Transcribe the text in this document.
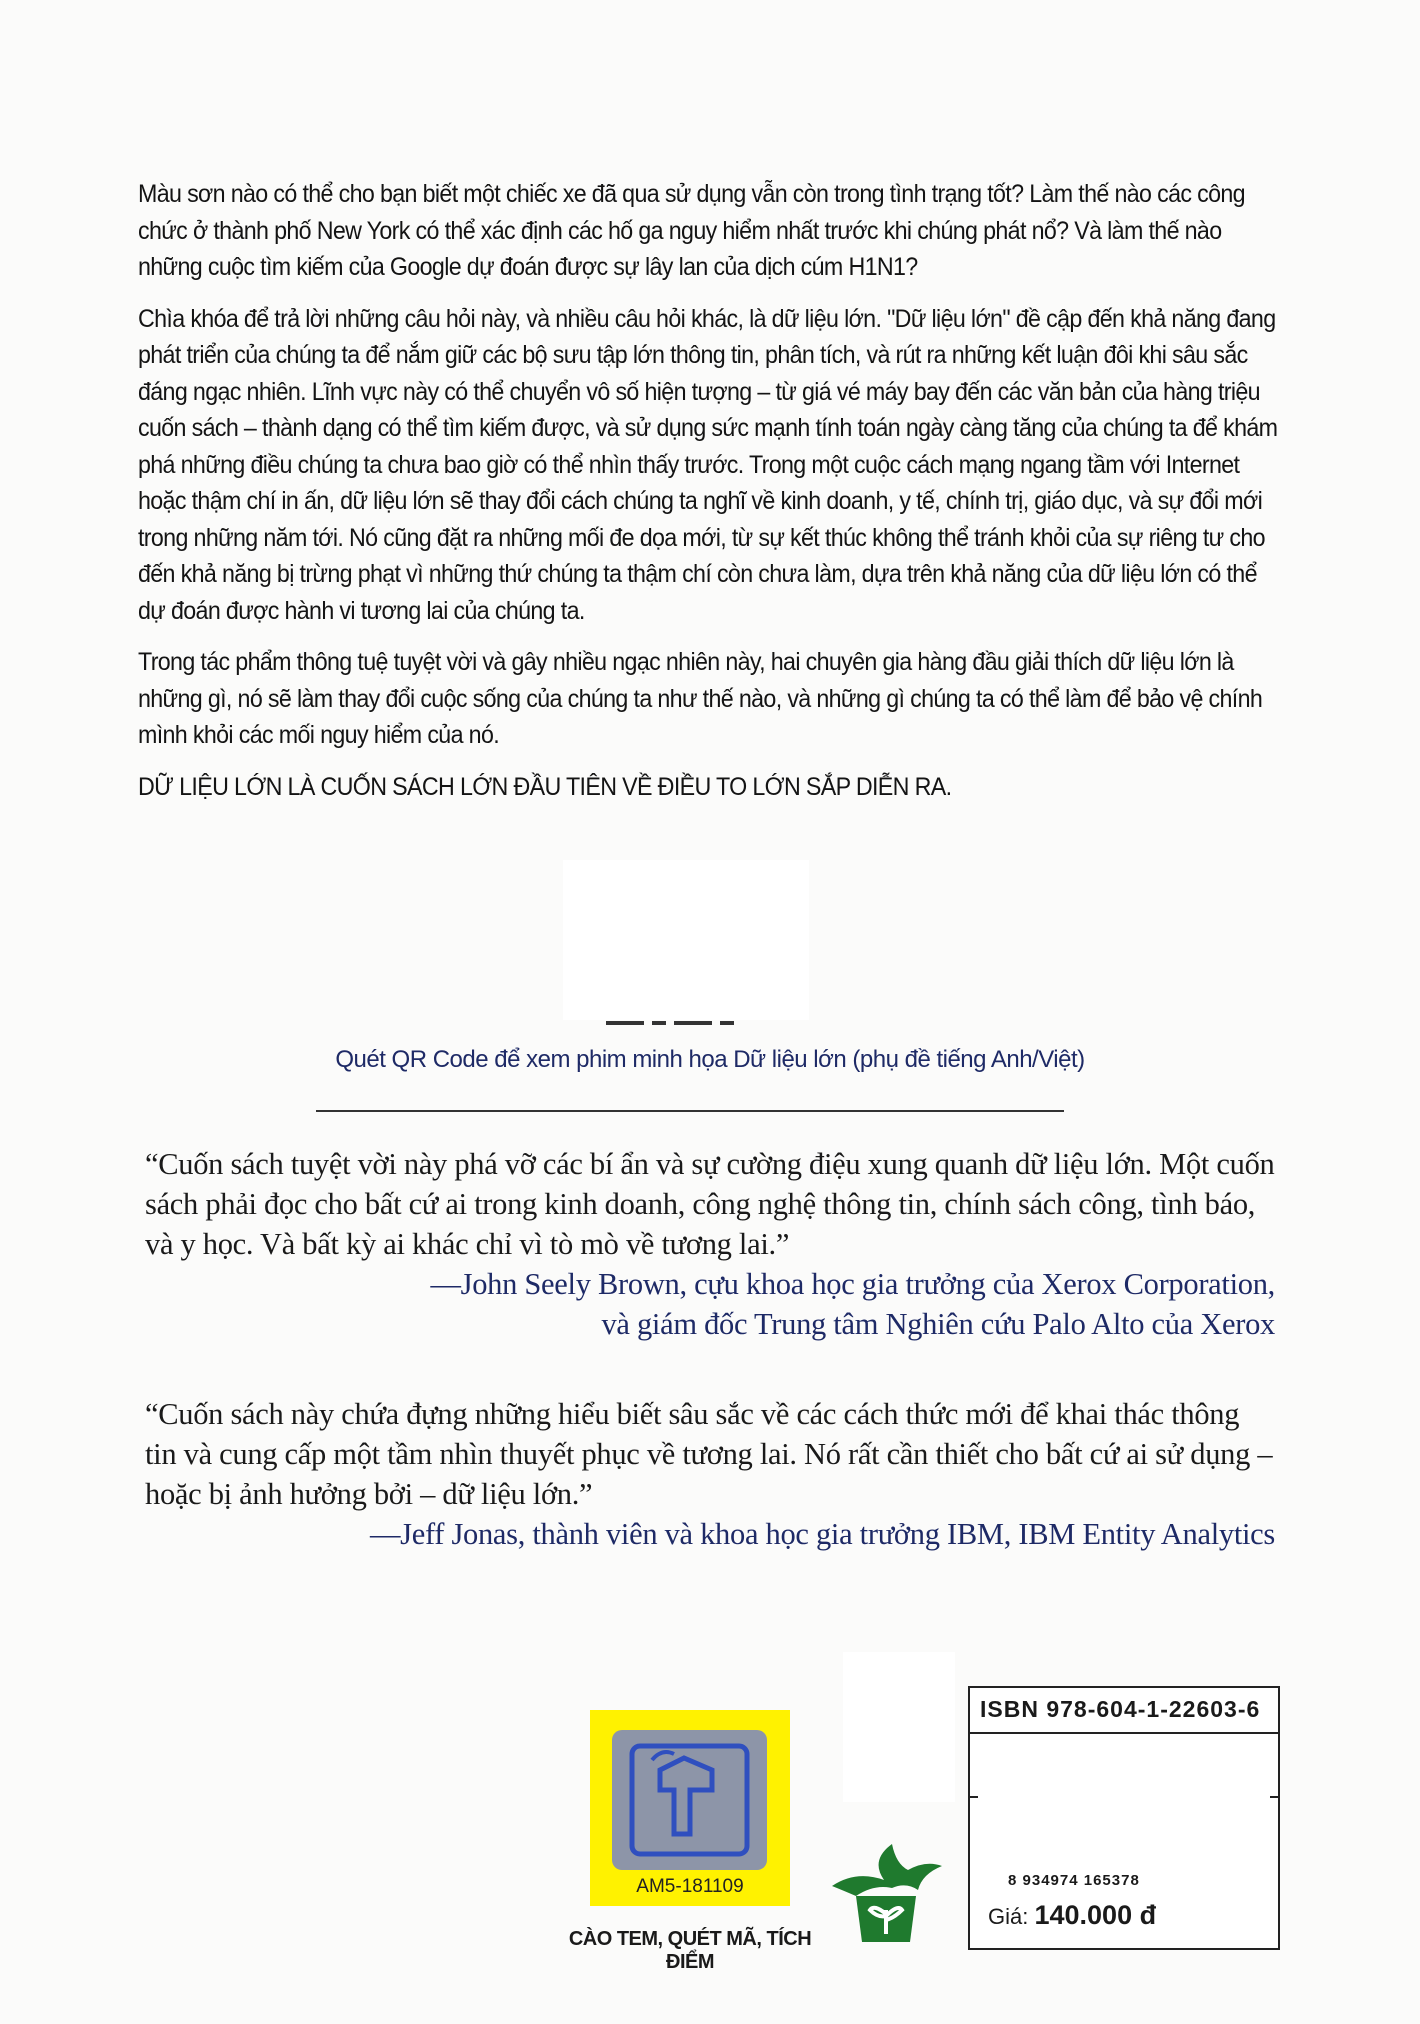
Màu sơn nào có thể cho bạn biết một chiếc xe đã qua sử dụng vẫn còn trong tình trạng tốt? Làm thế nào các công chức ở thành phố New York có thể xác định các hố ga nguy hiểm nhất trước khi chúng phát nổ? Và làm thế nào những cuộc tìm kiếm của Google dự đoán được sự lây lan của dịch cúm H1N1?

Chìa khóa để trả lời những câu hỏi này, và nhiều câu hỏi khác, là dữ liệu lớn. "Dữ liệu lớn" đề cập đến khả năng đang phát triển của chúng ta để nắm giữ các bộ sưu tập lớn thông tin, phân tích, và rút ra những kết luận đôi khi sâu sắc đáng ngạc nhiên. Lĩnh vực này có thể chuyển vô số hiện tượng – từ giá vé máy bay đến các văn bản của hàng triệu cuốn sách – thành dạng có thể tìm kiếm được, và sử dụng sức mạnh tính toán ngày càng tăng của chúng ta để khám phá những điều chúng ta chưa bao giờ có thể nhìn thấy trước. Trong một cuộc cách mạng ngang tầm với Internet hoặc thậm chí in ấn, dữ liệu lớn sẽ thay đổi cách chúng ta nghĩ về kinh doanh, y tế, chính trị, giáo dục, và sự đổi mới trong những năm tới. Nó cũng đặt ra những mối đe dọa mới, từ sự kết thúc không thể tránh khỏi của sự riêng tư cho đến khả năng bị trừng phạt vì những thứ chúng ta thậm chí còn chưa làm, dựa trên khả năng của dữ liệu lớn có thể dự đoán được hành vi tương lai của chúng ta.

Trong tác phẩm thông tuệ tuyệt vời và gây nhiều ngạc nhiên này, hai chuyên gia hàng đầu giải thích dữ liệu lớn là những gì, nó sẽ làm thay đổi cuộc sống của chúng ta như thế nào, và những gì chúng ta có thể làm để bảo vệ chính mình khỏi các mối nguy hiểm của nó.

DỮ LIỆU LỚN LÀ CUỐN SÁCH LỚN ĐẦU TIÊN VỀ ĐIỀU TO LỚN SẮP DIỄN RA.

Quét QR Code để xem phim minh họa Dữ liệu lớn (phụ đề tiếng Anh/Việt)
“Cuốn sách tuyệt vời này phá vỡ các bí ẩn và sự cường điệu xung quanh dữ liệu lớn. Một cuốn sách phải đọc cho bất cứ ai trong kinh doanh, công nghệ thông tin, chính sách công, tình báo, và y học. Và bất kỳ ai khác chỉ vì tò mò về tương lai.”
—John Seely Brown, cựu khoa học gia trưởng của Xerox Corporation,
và giám đốc Trung tâm Nghiên cứu Palo Alto của Xerox
“Cuốn sách này chứa đựng những hiểu biết sâu sắc về các cách thức mới để khai thác thông tin và cung cấp một tầm nhìn thuyết phục về tương lai. Nó rất cần thiết cho bất cứ ai sử dụng – hoặc bị ảnh hưởng bởi – dữ liệu lớn.”
—Jeff Jonas, thành viên và khoa học gia trưởng IBM, IBM Entity Analytics
AM5-181109
CÀO TEM, QUÉT MÃ, TÍCH ĐIỂM
ISBN 978-604-1-22603-6
8 934974 165378
Giá: 140.000 đ
